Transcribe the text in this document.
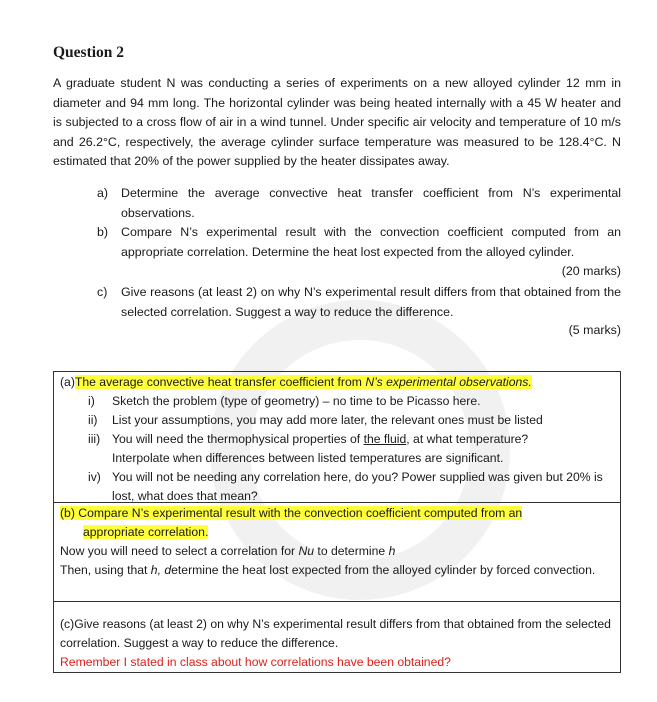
Question 2
A graduate student N was conducting a series of experiments on a new alloyed cylinder 12 mm in diameter and 94 mm long. The horizontal cylinder was being heated internally with a 45 W heater and is subjected to a cross flow of air in a wind tunnel. Under specific air velocity and temperature of 10 m/s and 26.2°C, respectively, the average cylinder surface temperature was measured to be 128.4°C. N estimated that 20% of the power supplied by the heater dissipates away.
a) Determine the average convective heat transfer coefficient from N’s experimental observations.
b) Compare N’s experimental result with the convection coefficient computed from an appropriate correlation. Determine the heat lost expected from the alloyed cylinder.
(20 marks)
c) Give reasons (at least 2) on why N’s experimental result differs from that obtained from the selected correlation. Suggest a way to reduce the difference.
(5 marks)
(a)The average convective heat transfer coefficient from N’s experimental observations.
i) Sketch the problem (type of geometry) – no time to be Picasso here.
ii) List your assumptions, you may add more later, the relevant ones must be listed
iii) You will need the thermophysical properties of the fluid, at what temperature?
Interpolate when differences between listed temperatures are significant.
iv) You will not be needing any correlation here, do you? Power supplied was given but 20% is lost, what does that mean?
(b) Compare N’s experimental result with the convection coefficient computed from an
appropriate correlation.
Now you will need to select a correlation for Nu to determine h
Then, using that h, determine the heat lost expected from the alloyed cylinder by forced convection.
(c)Give reasons (at least 2) on why N’s experimental result differs from that obtained from the selected correlation. Suggest a way to reduce the difference.
Remember I stated in class about how correlations have been obtained?
